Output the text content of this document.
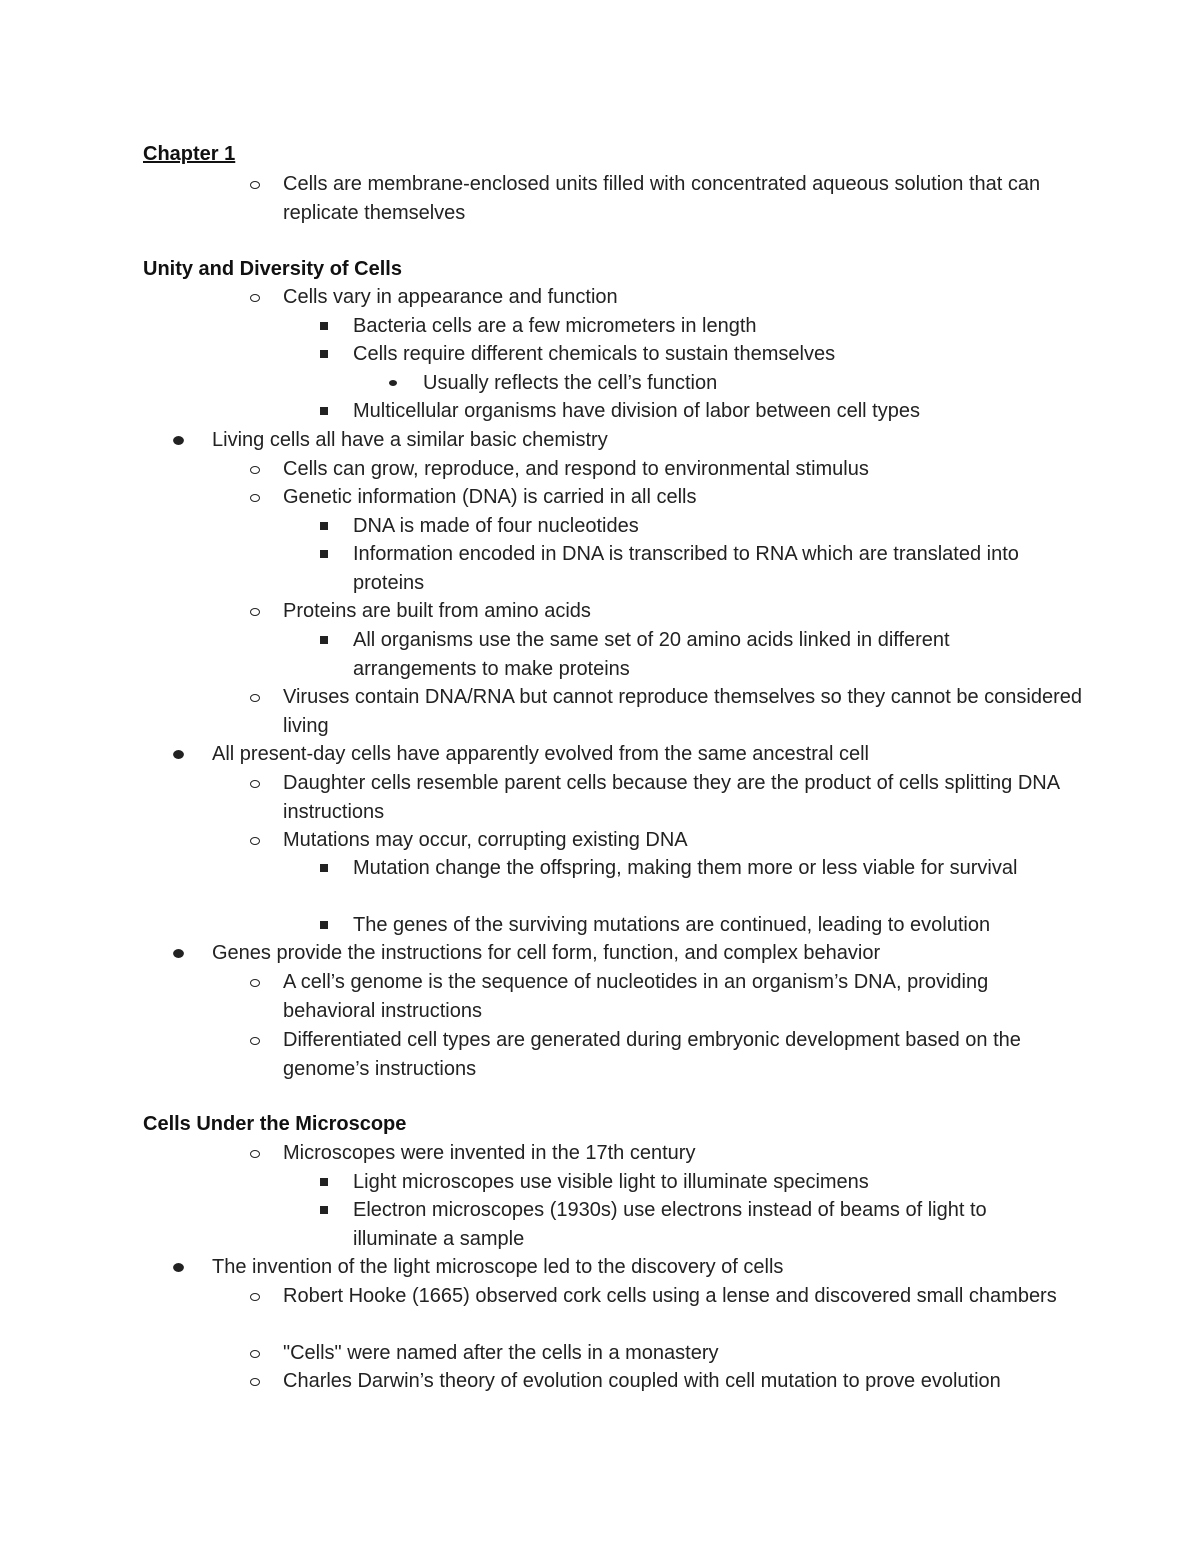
Chapter 1
Cells are membrane-enclosed units filled with concentrated aqueous solution that can replicate themselves
Unity and Diversity of Cells
Cells vary in appearance and function
Bacteria cells are a few micrometers in length
Cells require different chemicals to sustain themselves
Usually reflects the cell’s function
Multicellular organisms have division of labor between cell types
Living cells all have a similar basic chemistry
Cells can grow, reproduce, and respond to environmental stimulus
Genetic information (DNA) is carried in all cells
DNA is made of four nucleotides
Information encoded in DNA is transcribed to RNA which are translated into proteins
Proteins are built from amino acids
All organisms use the same set of 20 amino acids linked in different arrangements to make proteins
Viruses contain DNA/RNA but cannot reproduce themselves so they cannot be considered living
All present-day cells have apparently evolved from the same ancestral cell
Daughter cells resemble parent cells because they are the product of cells splitting DNA instructions
Mutations may occur, corrupting existing DNA
Mutation change the offspring, making them more or less viable for survival
The genes of the surviving mutations are continued, leading to evolution
Genes provide the instructions for cell form, function, and complex behavior
A cell’s genome is the sequence of nucleotides in an organism’s DNA, providing behavioral instructions
Differentiated cell types are generated during embryonic development based on the genome’s instructions
Cells Under the Microscope
Microscopes were invented in the 17th century
Light microscopes use visible light to illuminate specimens
Electron microscopes (1930s) use electrons instead of beams of light to illuminate a sample
The invention of the light microscope led to the discovery of cells
Robert Hooke (1665) observed cork cells using a lense and discovered small chambers
"Cells" were named after the cells in a monastery
Charles Darwin’s theory of evolution coupled with cell mutation to prove evolution
